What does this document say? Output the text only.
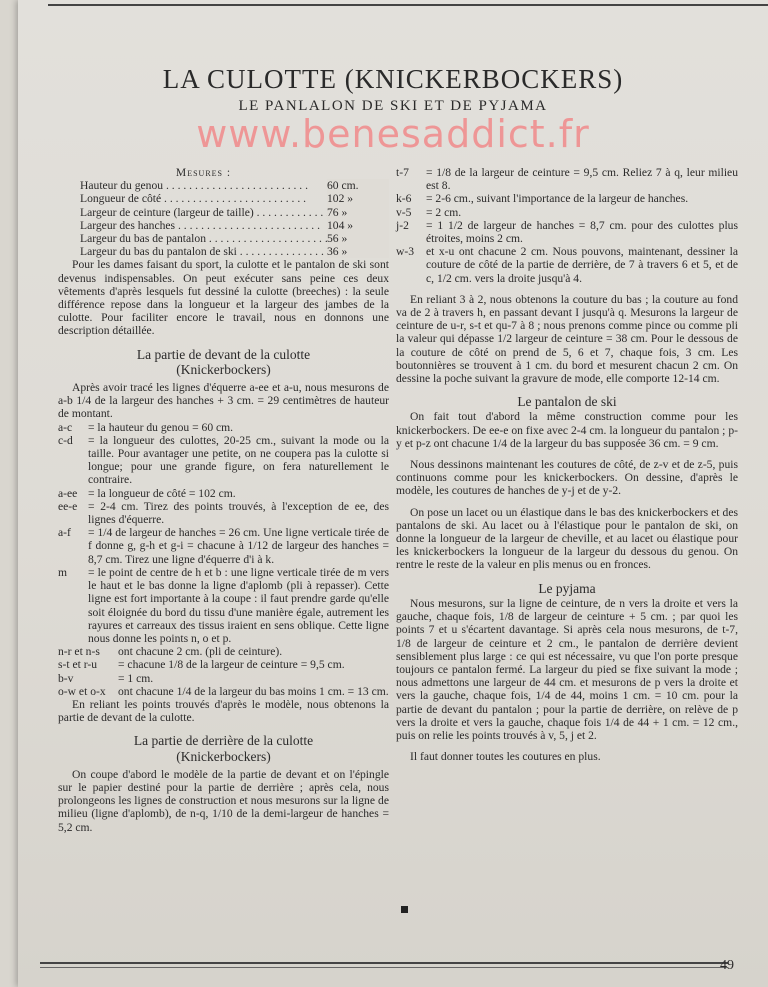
LA CULOTTE (KNICKERBOCKERS)
LE PANLALON DE SKI ET DE PYJAMA
www.benesaddict.fr
Mesures :
Hauteur du genou . . .	60 cm.
Longueur de côté . . .	102 »
Largeur de ceinture (largeur de taille) . . .	76 »
Largeur des hanches . . .	104 »
Largeur du bas de pantalon . . .	56 »
Largeur du bas du pantalon de ski . . .	36 »

Pour les dames faisant du sport, la culotte et le pantalon de ski sont devenus indispensables. On peut exécuter sans peine ces deux vêtements d'après lesquels fut dessiné la culotte (breeches) : la seule différence repose dans la longueur et la largeur des jambes de la culotte. Pour faciliter encore le travail, nous en donnons une description détaillée.

La partie de devant de la culotte
(Knickerbockers)

Après avoir tracé les lignes d'équerre a-ee et a-u, nous mesurons de a-b 1/4 de la largeur des hanches + 3 cm. = 29 centimètres de hauteur de montant.

a-c	= la hauteur du genou = 60 cm.
c-d	= la longueur des culottes, 20-25 cm., suivant la mode ou la taille. Pour avantager une petite, on ne coupera pas la culotte si longue; pour une grande figure, on fera naturellement le contraire.
a-ee = la longueur de côté = 102 cm.
ee-e = 2-4 cm. Tirez des points trouvés, à l'exception de ee, des lignes d'équerre.
a-f	= 1/4 de largeur de hanches = 26 cm. Une ligne verticale tirée de f donne g, g-h et g-i = chacune à 1/12 de largeur des hanches = 8,7 cm. Tirez une ligne d'équerre d'i à k.
m	= le point de centre de h et b : une ligne verticale tirée de m vers le haut et le bas donne la ligne d'aplomb (pli à repasser). Cette ligne est fort importante à la coupe : il faut prendre garde qu'elle soit éloignée du bord du tissu d'une manière égale, autrement les rayures et carreaux des tissus iraient en sens oblique. Cette ligne nous donne les points n, o et p.
n-r et n-s	ont chacune 2 cm. (pli de ceinture).
s-t et r-u	= chacune 1/8 de la largeur de ceinture = 9,5 cm.
b-v	= 1 cm.
o-w et o-x	ont chacune 1/4 de la largeur du bas moins 1 cm. = 13 cm.

En reliant les points trouvés d'après le modèle, nous obtenons la partie de devant de la culotte.

La partie de derrière de la culotte
(Knickerbockers)

On coupe d'abord le modèle de la partie de devant et on l'épingle sur le papier destiné pour la partie de derrière ; après cela, nous prolongeons les lignes de construction et nous mesurons sur la ligne de milieu (ligne d'aplomb), de n-q, 1/10 de la demi-largeur de hanches = 5,2 cm.

t-7	= 1/8 de la largeur de ceinture = 9,5 cm. Reliez 7 à q, leur milieu est 8.
k-6	= 2-6 cm., suivant l'importance de la largeur de hanches.
v-5	= 2 cm.
j-2	= 1 1/2 de largeur de hanches = 8,7 cm. pour des culottes plus étroites, moins 2 cm.
w-3	et x-u ont chacune 2 cm. Nous pouvons, maintenant, dessiner la couture de côté de la partie de derrière, de 7 à travers 6 et 5, et de c, 1/2 cm. vers la droite jusqu'à 4.

En reliant 3 à 2, nous obtenons la couture du bas ; la couture au fond va de 2 à travers h, en passant devant I jusqu'à q. Mesurons la largeur de ceinture de u-r, s-t et qu-7 à 8 ; nous prenons comme pince ou comme pli la valeur qui dépasse 1/2 largeur de ceinture = 38 cm. Pour le dessous de la couture de côté on prend de 5, 6 et 7, chaque fois, 3 cm. Les boutonnières se trouvent à 1 cm. du bord et mesurent chacun 2 cm. On dessine la poche suivant la gravure de mode, elle comporte 12-14 cm.

Le pantalon de ski

On fait tout d'abord la même construction comme pour les knickerbockers. De ee-e on fixe avec 2-4 cm. la longueur du pantalon ; p-y et p-z ont chacune 1/4 de la largeur du bas supposée 36 cm. = 9 cm.

Nous dessinons maintenant les coutures de côté, de z-v et de z-5, puis continuons comme pour les knickerbockers. On dessine, d'après le modèle, les coutures de hanches de y-j et de y-2.

On pose un lacet ou un élastique dans le bas des knickerbockers et des pantalons de ski. Au lacet ou à l'élastique pour le pantalon de ski, on donne la longueur de la largeur de cheville, et au lacet ou élastique pour les knickerbockers la longueur de la largeur du dessous du genou. On rentre le reste de la valeur en plis menus ou en fronces.

Le pyjama

Nous mesurons, sur la ligne de ceinture, de n vers la droite et vers la gauche, chaque fois, 1/8 de largeur de ceinture + 5 cm. ; par quoi les points 7 et u s'écartent davantage. Si après cela nous mesurons, de t-7, 1/8 de largeur de ceinture et 2 cm., le pantalon de derrière devient sensiblement plus large : ce qui est nécessaire, vu que l'on porte presque toujours ce pantalon fermé. La largeur du pied se fixe suivant la mode ; nous admettons une largeur de 44 cm. et mesurons de p vers la droite et vers la gauche, chaque fois, 1/4 de 44, moins 1 cm. = 10 cm. pour la partie de devant du pantalon ; pour la partie de derrière, on relève de p vers la droite et vers la gauche, chaque fois 1/4 de 44 + 1 cm. = 12 cm., puis on relie les points trouvés à v, 5, j et 2.

Il faut donner toutes les coutures en plus.

49
